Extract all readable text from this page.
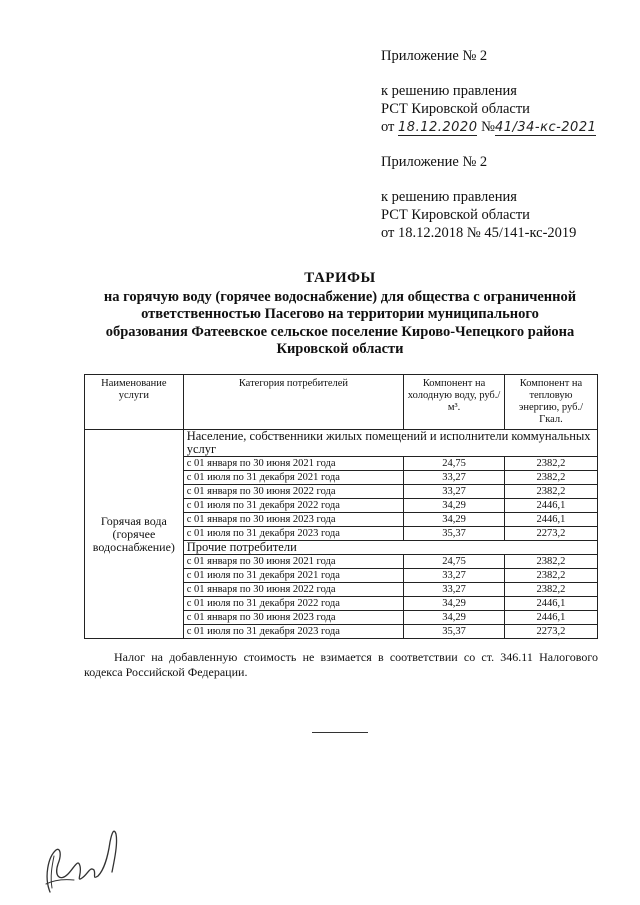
Приложение № 2
к решению правления
РСТ Кировской области
от 18.12.2020 №41/34-кс-2021
Приложение № 2
к решению правления
РСТ Кировской области
от 18.12.2018 № 45/141-кс-2019
ТАРИФЫ
на горячую воду (горячее водоснабжение) для общества с ограниченной
ответственностью Пасегово на территории муниципального
образования Фатеевское сельское поселение Кирово-Чепецкого района
Кировской области
Наименование услуги	Категория потребителей	Компонент на холодную воду, руб./м³.	Компонент на тепловую энергию, руб./Гкал.
Горячая вода (горячее водоснабжение)	Население, собственники жилых помещений и исполнители коммунальных услуг		
	с 01 января по 30 июня 2021 года	24,75	2382,2
	с 01 июля по 31 декабря 2021 года	33,27	2382,2
	с 01 января по 30 июня 2022 года	33,27	2382,2
	с 01 июля по 31 декабря 2022 года	34,29	2446,1
	с 01 января по 30 июня 2023 года	34,29	2446,1
	с 01 июля по 31 декабря 2023 года	35,37	2273,2
	Прочие потребители		
	с 01 января по 30 июня 2021 года	24,75	2382,2
	с 01 июля по 31 декабря 2021 года	33,27	2382,2
	с 01 января по 30 июня 2022 года	33,27	2382,2
	с 01 июля по 31 декабря 2022 года	34,29	2446,1
	с 01 января по 30 июня 2023 года	34,29	2446,1
	с 01 июля по 31 декабря 2023 года	35,37	2273,2
Налог на добавленную стоимость не взимается в соответствии со ст. 346.11 Налогового кодекса Российской Федерации.
